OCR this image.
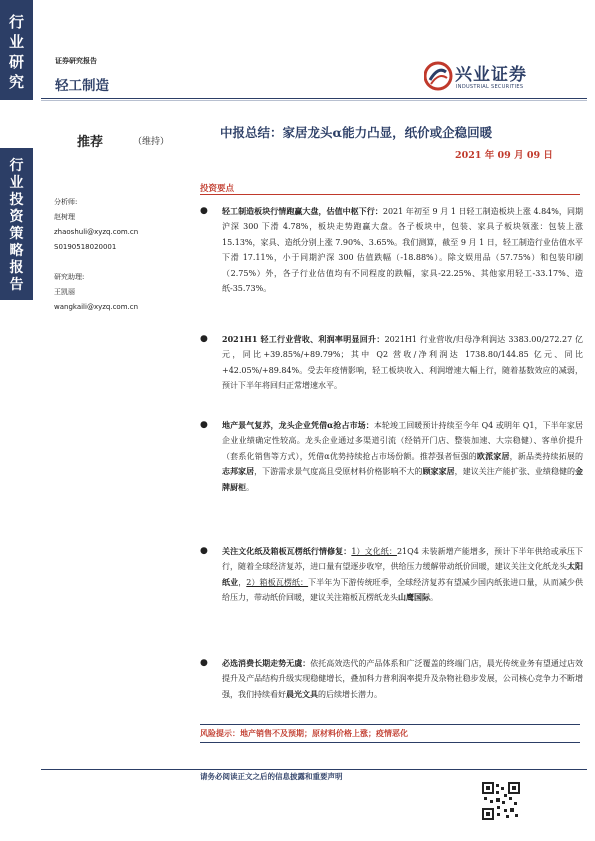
行
业
研
究
行
业
投
资
策
略
报
告
证券研究报告
轻工制造
兴业证券
INDUSTRIAL SECURITIES
推荐	（维持）
中报总结：家居龙头α能力凸显，纸价或企稳回暖
2021 年 09 月 09 日

分析师:

赵树理

zhaoshuli@xyzq.com.cn

S0190518020001

研究助理:

王凯丽

wangkaili@xyzq.com.cn

投资要点
● 轻工制造板块行情跑赢大盘，估值中枢下行：2021 年初至 9 月 1 日轻工制造板块上涨 4.84%，同期沪深 300 下滑 4.78%，板块走势跑赢大盘。各子板块中，包装、家具子板块领涨：包装上涨 15.13%，家具、造纸分别上涨 7.90%、3.65%。我们测算，截至 9 月 1 日，轻工制造行业估值水平下滑 17.11%，小于同期沪深 300 估值跌幅（-18.88%）。除文娱用品（57.75%）和包装印刷（2.75%）外，各子行业估值均有不同程度的跌幅，家具-22.25%、其他家用轻工-33.17%、造纸-35.73%。
● 2021H1 轻工行业营收、利润率明显回升：2021H1 行业营收/归母净利润达 3383.00/272.27 亿元，同比+39.85%/+89.79%；其中 Q2 营收/净利润达 1738.80/144.85 亿元、同比+42.05%/+89.84%。受去年疫情影响，轻工板块收入、利润增速大幅上行，随着基数效应的减弱，预计下半年将回归正常增速水平。
● 地产景气复苏，龙头企业凭借α抢占市场：本轮竣工回暖预计持续至今年 Q4 或明年 Q1，下半年家居企业业绩确定性较高。龙头企业通过多渠道引流（经销开门店、整装加速、大宗稳健）、客单价提升（套系化销售等方式），凭借α优势持续抢占市场份额。推荐强者恒强的欧派家居，新品类持续拓展的志邦家居，下游需求景气度高且受原材料价格影响不大的顾家家居，建议关注产能扩张、业绩稳健的金牌厨柜。
● 关注文化纸及箱板瓦楞纸行情修复：1）文化纸：21Q4 未装新增产能增多，预计下半年供给或承压下行，随着全球经济复苏，进口量有望逐步收窄，供给压力缓解带动纸价回暖，建议关注文化纸龙头太阳纸业，2）箱板瓦楞纸：下半年为下游传统旺季，全球经济复苏有望减少国内纸张进口量，从而减少供给压力，带动纸价回暖，建议关注箱板瓦楞纸龙头山鹰国际。
● 必选消费长期走势无虞：依托高效迭代的产品体系和广泛覆盖的终端门店，晨光传统业务有望通过店效提升及产品结构升级实现稳健增长，叠加科力普利润率提升及杂物社稳步发展，公司核心竞争力不断增强，我们持续看好晨光文具的后续增长潜力。
风险提示：地产销售不及预期；原材料价格上涨；疫情恶化
请务必阅读正文之后的信息披露和重要声明
